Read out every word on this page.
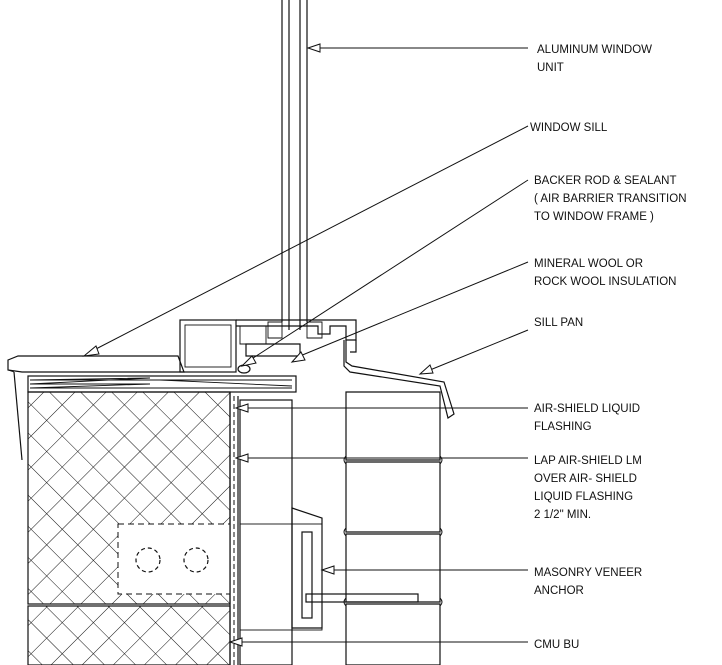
ALUMINUM WINDOW
UNIT
WINDOW SILL
BACKER ROD & SEALANT
( AIR BARRIER TRANSITION
TO WINDOW FRAME )
MINERAL WOOL OR
ROCK WOOL INSULATION
SILL PAN
AIR-SHIELD LIQUID
FLASHING
LAP AIR-SHIELD LM
OVER AIR- SHIELD
LIQUID FLASHING
2 1/2" MIN.
MASONRY VENEER
ANCHOR
CMU BU
